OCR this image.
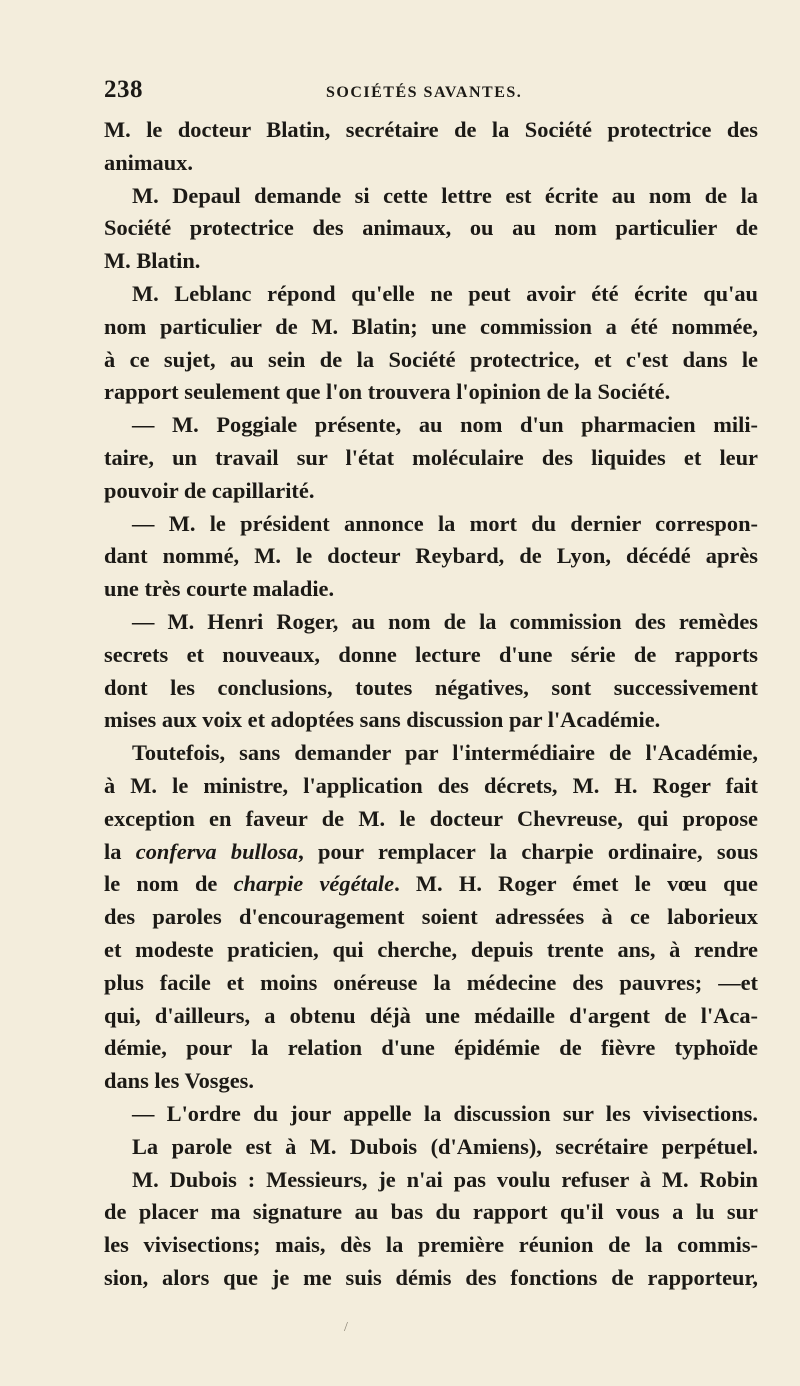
238	SOCIÉTÉS SAVANTES.
M. le docteur Blatin, secrétaire de la Société protectrice des
animaux.
M. Depaul demande si cette lettre est écrite au nom de la
Société protectrice des animaux, ou au nom particulier de
M. Blatin.
M. Leblanc répond qu'elle ne peut avoir été écrite qu'au
nom particulier de M. Blatin; une commission a été nommée,
à ce sujet, au sein de la Société protectrice, et c'est dans le
rapport seulement que l'on trouvera l'opinion de la Société.
— M. Poggiale présente, au nom d'un pharmacien mili-
taire, un travail sur l'état moléculaire des liquides et leur
pouvoir de capillarité.
— M. le président annonce la mort du dernier correspon-
dant nommé, M. le docteur Reybard, de Lyon, décédé après
une très courte maladie.
— M. Henri Roger, au nom de la commission des remèdes
secrets et nouveaux, donne lecture d'une série de rapports
dont les conclusions, toutes négatives, sont successivement
mises aux voix et adoptées sans discussion par l'Académie.
Toutefois, sans demander par l'intermédiaire de l'Académie,
à M. le ministre, l'application des décrets, M. H. Roger fait
exception en faveur de M. le docteur Chevreuse, qui propose
la conferva bullosa, pour remplacer la charpie ordinaire, sous
le nom de charpie végétale. M. H. Roger émet le vœu que
des paroles d'encouragement soient adressées à ce laborieux
et modeste praticien, qui cherche, depuis trente ans, à rendre
plus facile et moins onéreuse la médecine des pauvres; —et
qui, d'ailleurs, a obtenu déjà une médaille d'argent de l'Aca-
démie, pour la relation d'une épidémie de fièvre typhoïde
dans les Vosges.
— L'ordre du jour appelle la discussion sur les vivisections.
La parole est à M. Dubois (d'Amiens), secrétaire perpétuel.
M. Dubois : Messieurs, je n'ai pas voulu refuser à M. Robin
de placer ma signature au bas du rapport qu'il vous a lu sur
les vivisections; mais, dès la première réunion de la commis-
sion, alors que je me suis démis des fonctions de rapporteur,
/
